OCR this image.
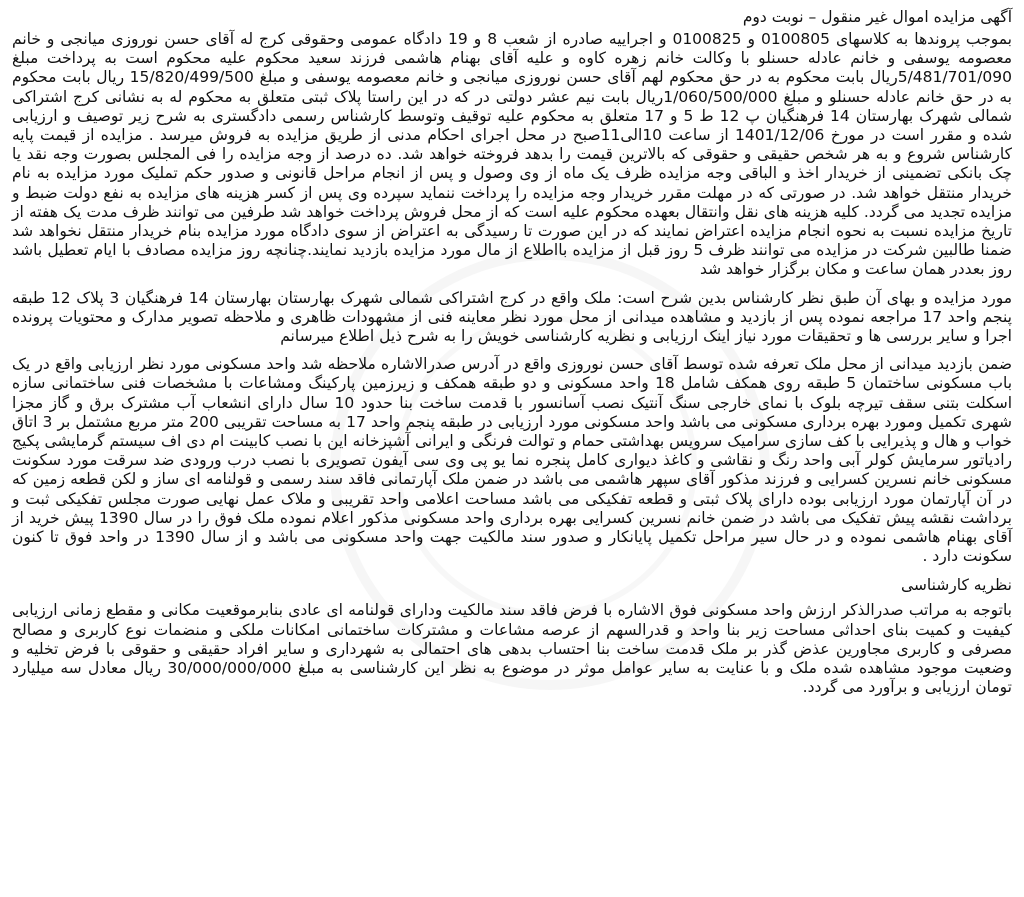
آگهی مزایده اموال غیر منقول – نوبت دوم

بموجب پروندها به کلاسهای 0100805 و 0100825 و اجراییه صادره از شعب 8 و 19 دادگاه عمومی وحقوقی کرج له آقای حسن نوروزی میانجی و خانم معصومه یوسفی و خانم عادله حسنلو با وکالت خانم زهره کاوه و علیه آقای بهنام هاشمی فرزند سعید محکوم علیه محکوم است به پرداخت مبلغ 5/481/701/090ریال بابت محکوم به در حق محکوم لهم آقای حسن نوروزی میانجی و خانم معصومه یوسفی و مبلغ 15/820/499/500 ریال بابت محکوم به در حق خانم عادله حسنلو و مبلغ 1/060/500/000ریال بابت نیم عشر دولتی در که در این راستا پلاک ثبتی متعلق به محکوم له به نشانی کرج اشتراکی شمالی شهرک بهارستان 14 فرهنگیان پ 12 ط 5 و 17 متعلق به محکوم علیه توقیف وتوسط کارشناس رسمی دادگستری به شرح زیر توصیف و ارزیابی شده و مقرر است در مورخ 1401/12/06 از ساعت 10الی11صبح در محل اجرای احکام مدنی از طریق مزایده به فروش میرسد . مزایده از قیمت پایه کارشناس شروع و به هر شخص حقیقی و حقوقی که بالاترین قیمت را بدهد فروخته خواهد شد. ده درصد از وجه مزایده را فی المجلس بصورت وجه نقد یا چک بانکی تضمینی از خریدار اخذ و الباقی وجه مزایده ظرف یک ماه از وی وصول و پس از انجام مراحل قانونی و صدور حکم تملیک مورد مزایده به نام خریدار منتقل خواهد شد. در صورتی که در مهلت مقرر خریدار وجه مزایده را پرداخت ننماید سپرده وی پس از کسر هزینه های مزایده به نفع دولت ضبط و مزایده تجدید می گردد. کلیه هزینه های نقل وانتقال بعهده محکوم علیه است که از محل فروش پرداخت خواهد شد طرفین می توانند ظرف مدت یک هفته از تاریخ مزایده نسبت به نحوه انجام مزایده اعتراض نمایند که در این صورت تا رسیدگی به اعتراض از سوی دادگاه مورد مزایده بنام خریدار منتقل نخواهد شد ضمنا طالبین شرکت در مزایده می توانند ظرف 5 روز قبل از مزایده بااطلاع از مال مورد مزایده بازدید نمایند.چنانچه روز مزایده مصادف با ایام تعطیل باشد روز بعددر همان ساعت و مکان برگزار خواهد شد

مورد مزایده و بهای آن طبق نظر کارشناس بدین شرح است: ملک واقع در کرج اشتراکی شمالی شهرک بهارستان بهارستان 14 فرهنگیان 3 پلاک 12 طبقه پنجم واحد 17 مراجعه نموده پس از بازدید و مشاهده میدانی از محل مورد نظر معاینه فنی از مشهودات ظاهری و ملاحظه تصویر مدارک و محتویات پرونده اجرا و سایر بررسی ها و تحقیقات مورد نیاز اینک ارزیابی و نظریه کارشناسی خویش را به شرح ذیل اطلاع میرسانم

ضمن بازدید میدانی از محل ملک تعرفه شده توسط آقای حسن نوروزی واقع در آدرس صدرالاشاره ملاحظه شد واحد مسکونی مورد نظر ارزیابی واقع در یک باب مسکونی ساختمان 5 طبقه روی همکف شامل 18 واحد مسکونی و دو طبقه همکف و زیرزمین پارکینگ ومشاعات با مشخصات فنی ساختمانی سازه اسکلت بتنی سقف تیرچه بلوک با نمای خارجی سنگ آنتیک نصب آسانسور با قدمت ساخت بنا حدود 10 سال دارای انشعاب آب مشترک برق و گاز مجزا شهری تکمیل ومورد بهره برداری مسکونی می باشد واحد مسکونی مورد ارزیابی در طبقه پنجم واحد 17 به مساحت تقریبی 200 متر مربع مشتمل بر 3 اتاق خواب و هال و پذیرایی با کف سازی سرامیک سرویس بهداشتی حمام و توالت فرنگی و ایرانی آشپزخانه این با نصب کابینت ام دی اف سیستم گرمایشی پکیج رادیاتور سرمایش کولر آبی واحد رنگ و نقاشی و کاغذ دیواری کامل پنجره نما یو پی وی سی آیفون تصویری با نصب درب ورودی ضد سرقت مورد سکونت مسکونی خانم نسرین کسرایی و فرزند مذکور آقای سپهر هاشمی می باشد در ضمن ملک آپارتمانی فاقد سند رسمی و قولنامه ای ساز و لکن قطعه زمین که در آن آپارتمان مورد ارزیابی بوده دارای پلاک ثبتی و قطعه تفکیکی می باشد مساحت اعلامی واحد تقریبی و ملاک عمل نهایی صورت مجلس تفکیکی ثبت و برداشت نقشه پیش تفکیک می باشد در ضمن خانم نسرین کسرایی بهره برداری واحد مسکونی مذکور اعلام نموده ملک فوق را در سال 1390 پیش خرید از آقای بهنام هاشمی نموده و در حال سیر مراحل تکمیل پایانکار و صدور سند مالکیت جهت واحد مسکونی می باشد و از سال 1390 در واحد فوق تا کنون سکونت دارد .

نظریه کارشناسی

باتوجه به مراتب صدرالذکر ارزش واحد مسکونی فوق الاشاره با فرض فاقد سند مالکیت ودارای قولنامه ای عادی بنابرموقعیت مکانی و مقطع زمانی ارزیابی کیفیت و کمیت بنای احداثی مساحت زیر بنا واحد و قدرالسهم از عرصه مشاعات و مشترکات ساختمانی امکانات ملکی و منضمات نوع کاربری و مصالح مصرفی و کاربری مجاورین عذض گذر بر ملک قدمت ساخت بنا احتساب بدهی های احتمالی به شهرداری و سایر افراد حقیقی و حقوقی با فرض تخلیه و وضعیت موجود مشاهده شده ملک و با عنایت به سایر عوامل موثر در موضوع به نظر این کارشناسی به مبلغ 30/000/000/000 ریال معادل سه میلیارد تومان ارزیابی و برآورد می گردد.
